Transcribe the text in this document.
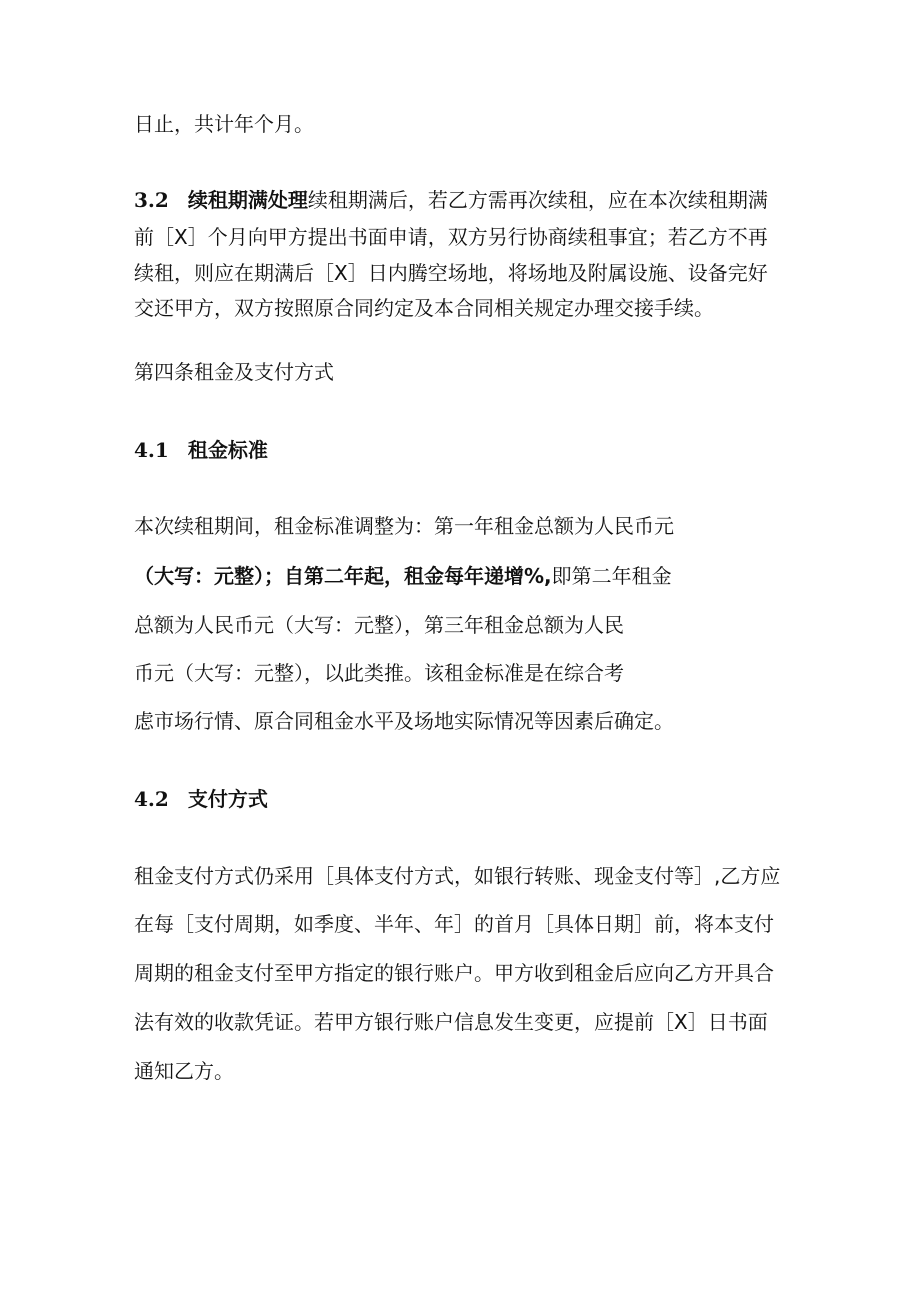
日止，共计年个月。
3.2 续租期满处理续租期满后，若乙方需再次续租，应在本次续租期满
前［X］个月向甲方提出书面申请，双方另行协商续租事宜；若乙方不再
续租，则应在期满后［X］日内腾空场地，将场地及附属设施、设备完好
交还甲方，双方按照原合同约定及本合同相关规定办理交接手续。
第四条租金及支付方式
4.1 租金标准
本次续租期间，租金标准调整为：第一年租金总额为人民币元
（大写：元整）；自第二年起，租金每年递增%,即第二年租金
总额为人民币元（大写：元整），第三年租金总额为人民
币元（大写：元整），以此类推。该租金标准是在综合考
虑市场行情、原合同租金水平及场地实际情况等因素后确定。
4.2 支付方式
租金支付方式仍采用［具体支付方式，如银行转账、现金支付等］,乙方应
在每［支付周期，如季度、半年、年］的首月［具体日期］前，将本支付
周期的租金支付至甲方指定的银行账户。甲方收到租金后应向乙方开具合
法有效的收款凭证。若甲方银行账户信息发生变更，应提前［X］日书面
通知乙方。
